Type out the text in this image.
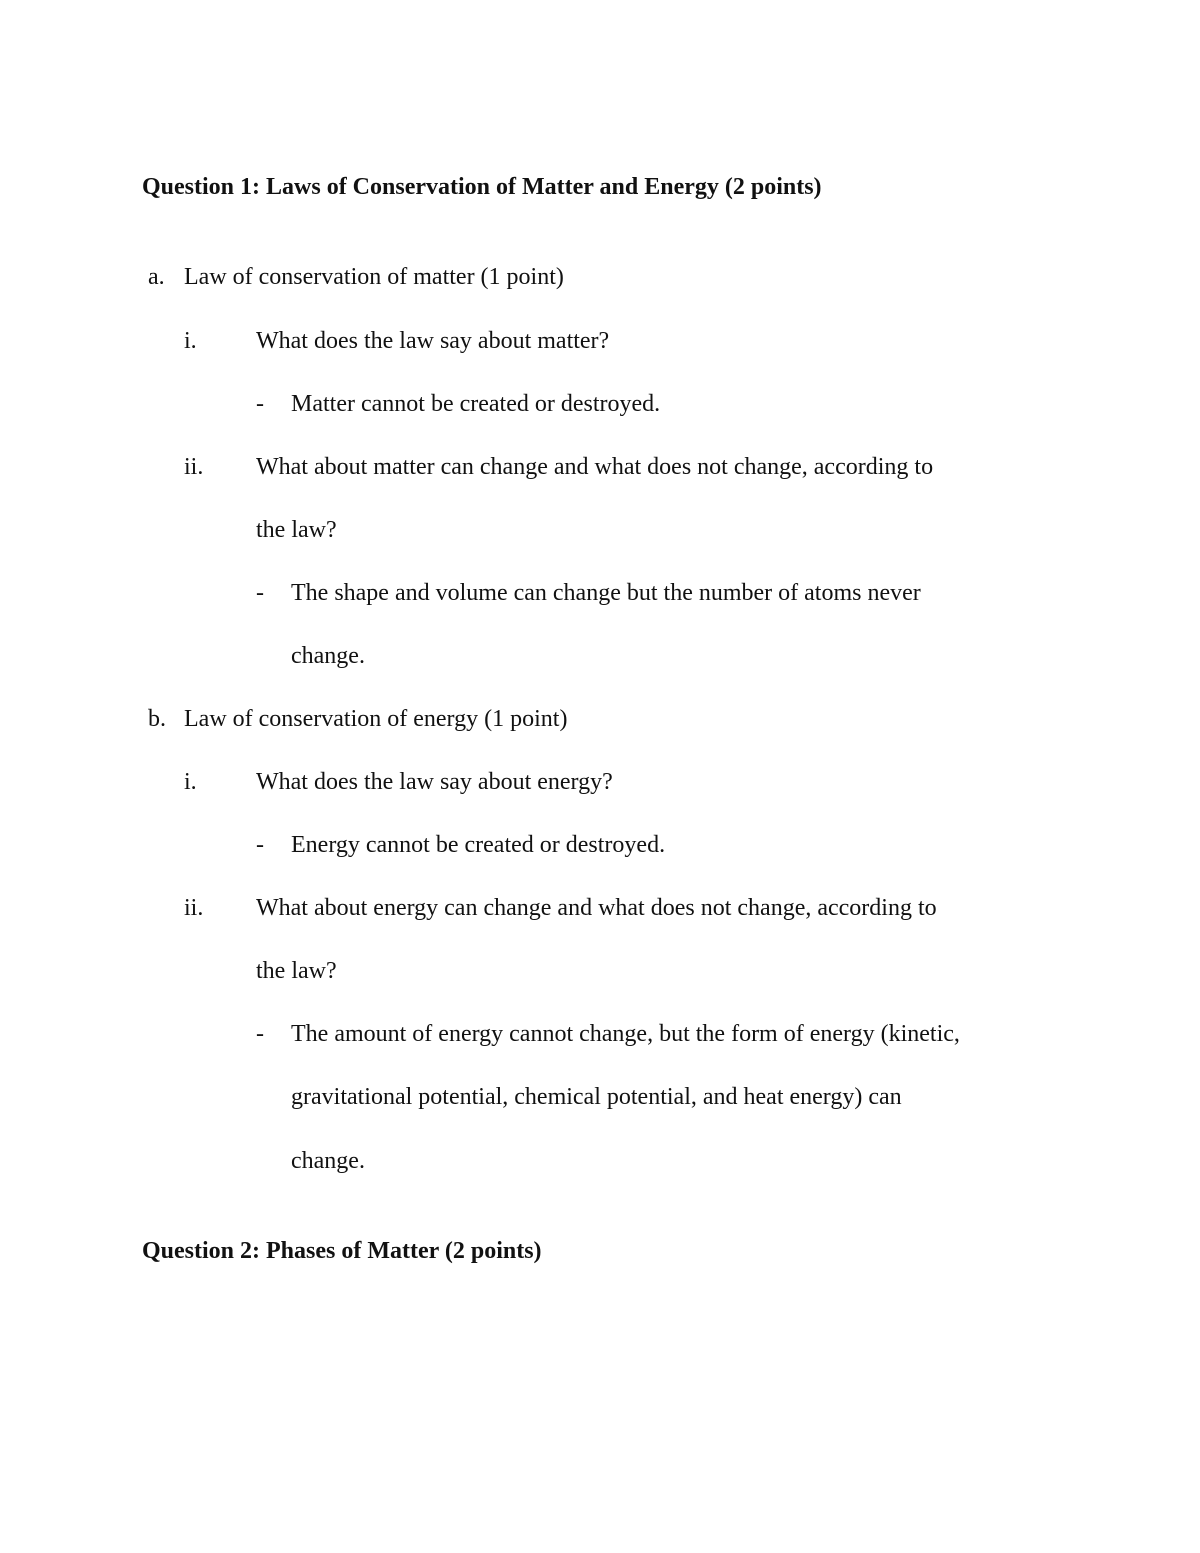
Question 1: Laws of Conservation of Matter and Energy (2 points)
a. Law of conservation of matter (1 point)
i. What does the law say about matter?
- Matter cannot be created or destroyed.
ii. What about matter can change and what does not change, according to
the law?
- The shape and volume can change but the number of atoms never
change.
b. Law of conservation of energy (1 point)
i. What does the law say about energy?
- Energy cannot be created or destroyed.
ii. What about energy can change and what does not change, according to
the law?
- The amount of energy cannot change, but the form of energy (kinetic,
gravitational potential, chemical potential, and heat energy) can
change.
Question 2: Phases of Matter (2 points)
